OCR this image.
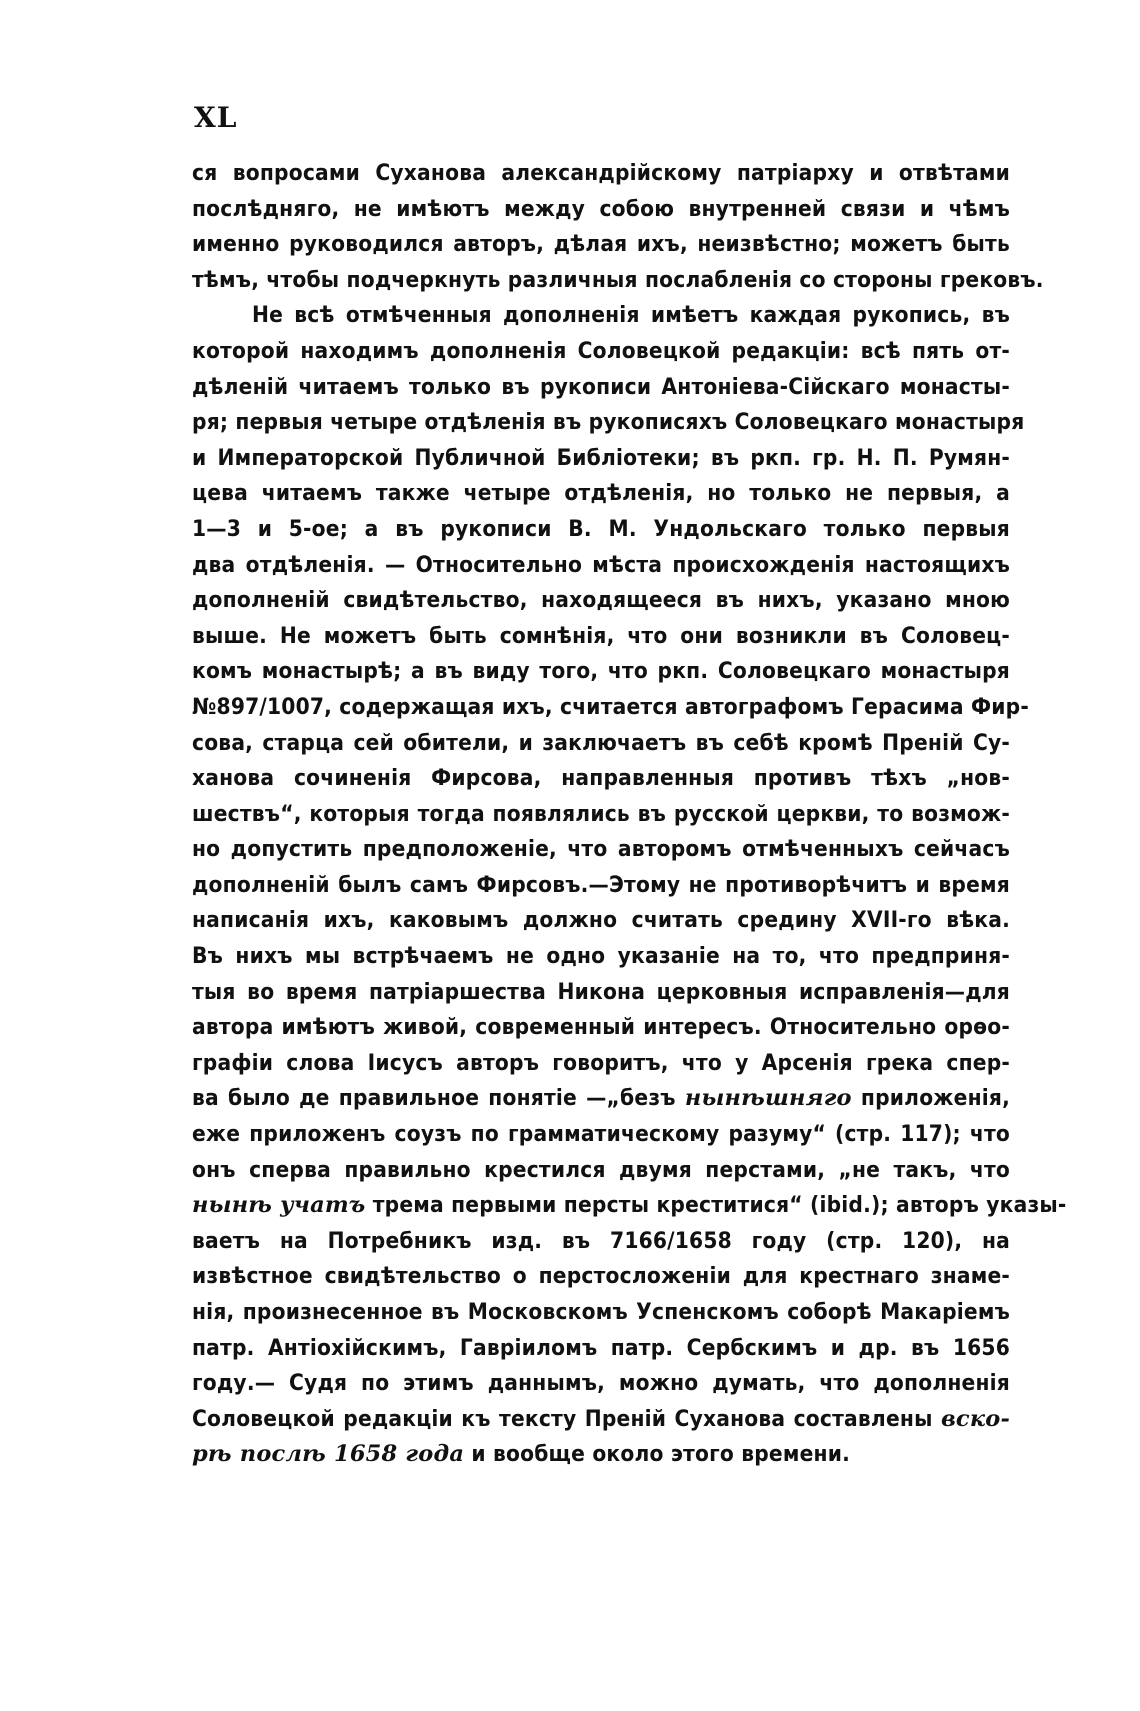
XL
ся вопросами Суханова александрійскому патріарху и отвѣтами
послѣдняго, не имѣютъ между собою внутренней связи и чѣмъ
именно руководился авторъ, дѣлая ихъ, неизвѣстно; можетъ быть
тѣмъ, чтобы подчеркнуть различныя послабленія со стороны грековъ.
Не всѣ отмѣченныя дополненія имѣетъ каждая рукопись, въ
которой находимъ дополненія Соловецкой редакціи: всѣ пять от-
дѣленій читаемъ только въ рукописи Антоніева-Сійскаго монасты-
ря; первыя четыре отдѣленія въ рукописяхъ Соловецкаго монастыря
и Императорской Публичной Библіотеки; въ ркп. гр. Н. П. Румян-
цева читаемъ также четыре отдѣленія, но только не первыя, а
1—3 и 5-ое; а въ рукописи В. М. Ундольскаго только первыя
два отдѣленія. — Относительно мѣста происхожденія настоящихъ
дополненій свидѣтельство, находящееся въ нихъ, указано мною
выше. Не можетъ быть сомнѣнія, что они возникли въ Соловец-
комъ монастырѣ; а въ виду того, что ркп. Соловецкаго монастыря
№897/1007, содержащая ихъ, считается автографомъ Герасима Фир-
сова, старца сей обители, и заключаетъ въ себѣ кромѣ Преній Су-
ханова сочиненія Фирсова, направленныя противъ тѣхъ „нов-
шествъ“, которыя тогда появлялись въ русской церкви, то возмож-
но допустить предположеніе, что авторомъ отмѣченныхъ сейчасъ
дополненій былъ самъ Фирсовъ.—Этому не противорѣчитъ и время
написанія ихъ, каковымъ должно считать средину XVII-го вѣка.
Въ нихъ мы встрѣчаемъ не одно указаніе на то, что предприня-
тыя во время патріаршества Никона церковныя исправленія—для
автора имѣютъ живой, современный интересъ. Относительно орѳо-
графіи слова Іисусъ авторъ говоритъ, что у Арсенія грека спер-
ва было де правильное понятіе —„безъ нынѣшняго приложенія,
еже приложенъ соузъ по грамматическому разуму“ (стр. 117); что
онъ сперва правильно крестился двумя перстами, „не такъ, что
нынѣ учатъ трема первыми персты креститися“ (ibid.); авторъ указы-
ваетъ на Потребникъ изд. въ 7166/1658 году (стр. 120), на
извѣстное свидѣтельство о перстосложеніи для крестнаго знаме-
нія, произнесенное въ Московскомъ Успенскомъ соборѣ Макаріемъ
патр. Антіохійскимъ, Гавріиломъ патр. Сербскимъ и др. въ 1656
году.— Судя по этимъ даннымъ, можно думать, что дополненія
Соловецкой редакціи къ тексту Преній Суханова составлены вско-
рѣ послѣ 1658 года и вообще около этого времени.
